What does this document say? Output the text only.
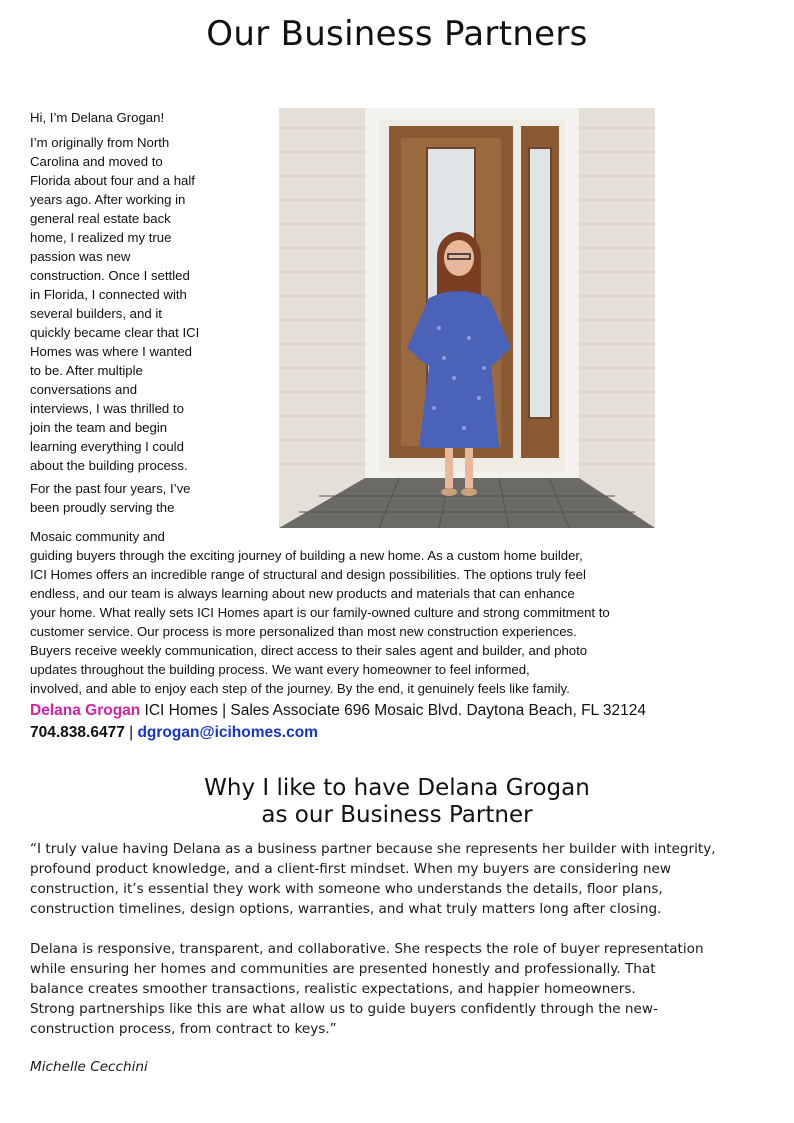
Our Business Partners

Hi, I’m Delana Grogan!

I’m originally from North

Carolina and moved to

Florida about four and a half

years ago. After working in

general real estate back

home, I realized my true

passion was new

construction. Once I settled

in Florida, I connected with

several builders, and it

quickly became clear that ICI

Homes was where I wanted

to be. After multiple

conversations and

interviews, I was thrilled to

join the team and begin

learning everything I could

about the building process.

For the past four years, I’ve

been proudly serving the

Mosaic community and

guiding buyers through the exciting journey of building a new home. As a custom home builder,

ICI Homes offers an incredible range of structural and design possibilities. The options truly feel

endless, and our team is always learning about new products and materials that can enhance

your home. What really sets ICI Homes apart is our family-owned culture and strong commitment to

customer service. Our process is more personalized than most new construction experiences.

Buyers receive weekly communication, direct access to their sales agent and builder, and photo

updates throughout the building process. We want every homeowner to feel informed,

involved, and able to enjoy each step of the journey. By the end, it genuinely feels like family.

Delana Grogan ICI Homes | Sales Associate 696 Mosaic Blvd. Daytona Beach, FL 32124
704.838.6477 | dgrogan@icihomes.com
Why I like to have Delana Grogan
as our Business Partner

“I truly value having Delana as a business partner because she represents her builder with integrity,

profound product knowledge, and a client-first mindset. When my buyers are considering new

construction, it’s essential they work with someone who understands the details, floor plans,

construction timelines, design options, warranties, and what truly matters long after closing.

Delana is responsive, transparent, and collaborative. She respects the role of buyer representation

while ensuring her homes and communities are presented honestly and professionally. That

balance creates smoother transactions, realistic expectations, and happier homeowners.

Strong partnerships like this are what allow us to guide buyers confidently through the new-

construction process, from contract to keys.”

Michelle Cecchini
